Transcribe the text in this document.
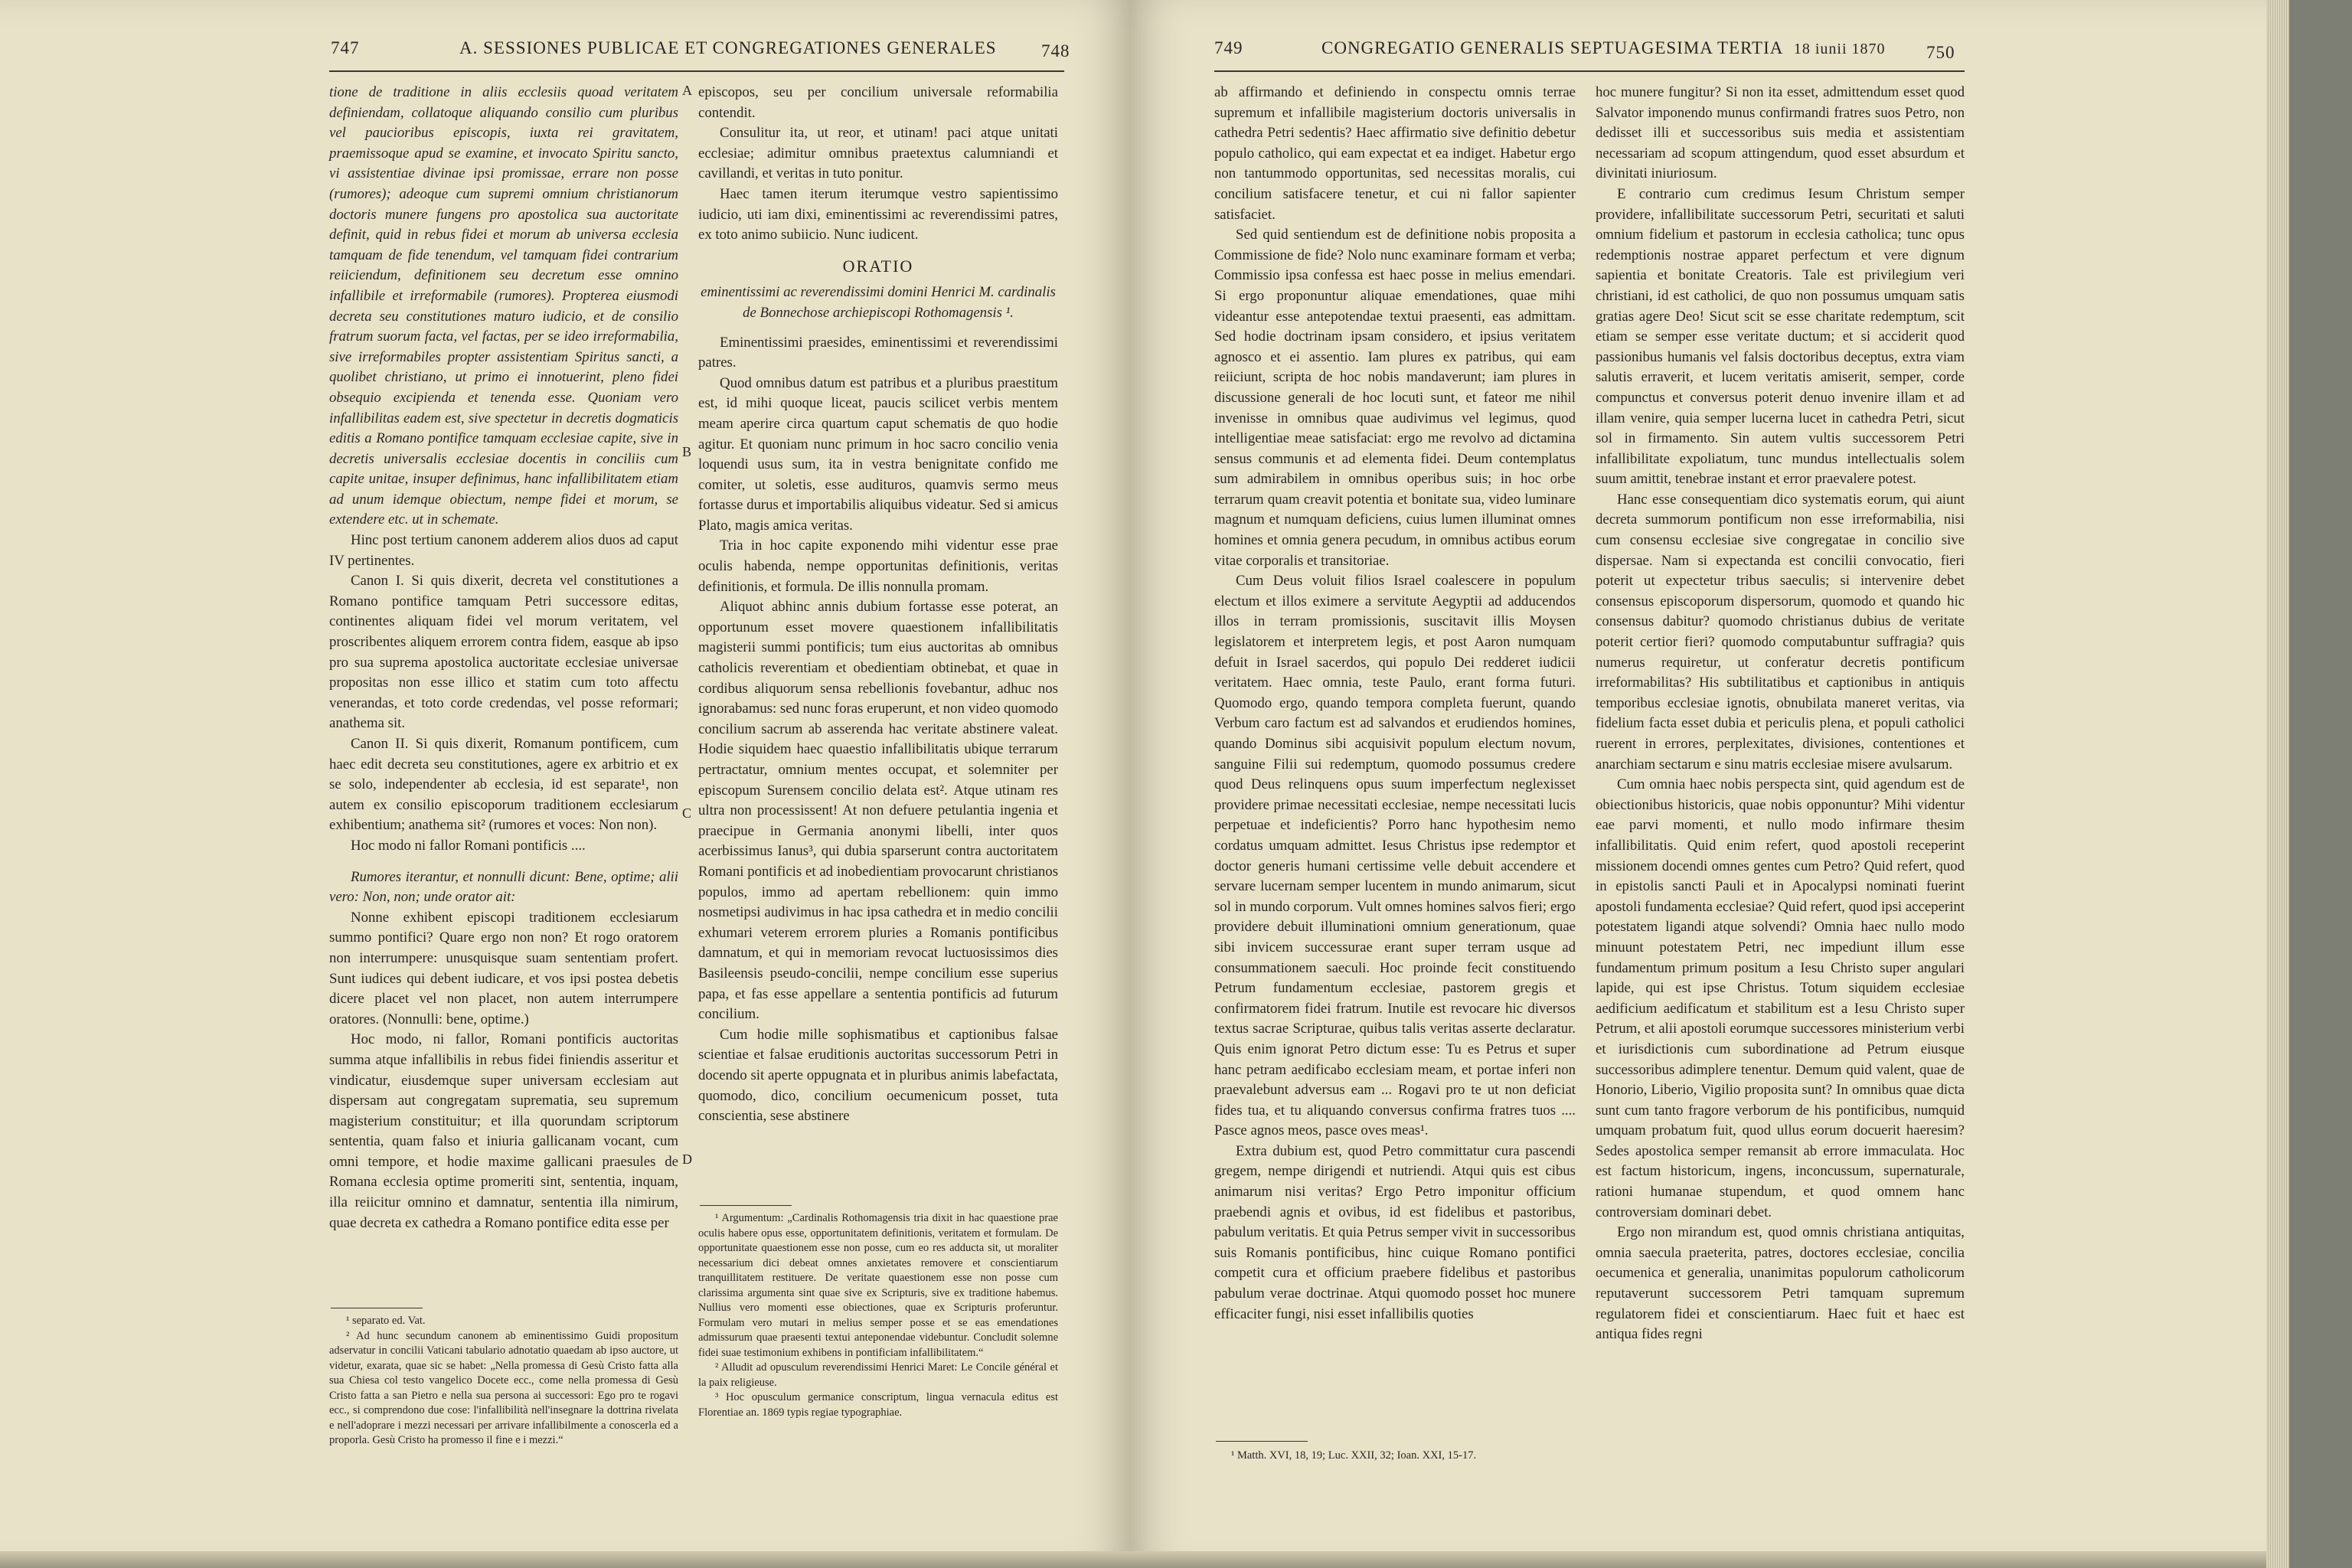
747	A. SESSIONES PUBLICAE ET CONGREGATIONES GENERALES	748

tione de traditione in aliis ecclesiis quoad veritatem definiendam, collatoque aliquando consilio cum pluribus vel paucioribus episcopis, iuxta rei gravitatem, praemissoque apud se examine, et invocato Spiritu sancto, vi assistentiae divinae ipsi promissae, errare non posse (rumores); adeoque cum supremi omnium christianorum doctoris munere fungens pro apostolica sua auctoritate definit, quid in rebus fidei et morum ab universa ecclesia tamquam de fide tenendum, vel tamquam fidei contrarium reiiciendum, definitionem seu decretum esse omnino infallibile et irreformabile (rumores). Propterea eiusmodi decreta seu constitutiones maturo iudicio, et de consilio fratrum suorum facta, vel factas, per se ideo irreformabilia, sive irreformabiles propter assistentiam Spiritus sancti, a quolibet christiano, ut primo ei innotuerint, pleno fidei obsequio excipienda et tenenda esse. Quoniam vero infallibilitas eadem est, sive spectetur in decretis dogmaticis editis a Romano pontifice tamquam ecclesiae capite, sive in decretis universalis ecclesiae docentis in conciliis cum capite unitae, insuper definimus, hanc infallibilitatem etiam ad unum idemque obiectum, nempe fidei et morum, se extendere etc. ut in schemate.

Hinc post tertium canonem adderem alios duos ad caput IV pertinentes.

Canon I. Si quis dixerit, decreta vel constitutiones a Romano pontifice tamquam Petri successore editas, continentes aliquam fidei vel morum veritatem, vel proscribentes aliquem errorem contra fidem, easque ab ipso pro sua suprema apostolica auctoritate ecclesiae universae propositas non esse illico et statim cum toto affectu venerandas, et toto corde credendas, vel posse reformari; anathema sit.

Canon II. Si quis dixerit, Romanum pontificem, cum haec edit decreta seu constitutiones, agere ex arbitrio et ex se solo, independenter ab ecclesia, id est separate¹, non autem ex consilio episcoporum traditionem ecclesiarum exhibentium; anathema sit² (rumores et voces: Non non).

Hoc modo ni fallor Romani pontificis ....

Rumores iterantur, et nonnulli dicunt: Bene, optime; alii vero: Non, non; unde orator ait:

Nonne exhibent episcopi traditionem ecclesiarum summo pontifici? Quare ergo non non? Et rogo oratorem non interrumpere: unusquisque suam sententiam profert. Sunt iudices qui debent iudicare, et vos ipsi postea debetis dicere placet vel non placet, non autem interrumpere oratores. (Nonnulli: bene, optime.)

Hoc modo, ni fallor, Romani pontificis auctoritas summa atque infallibilis in rebus fidei finiendis asseritur et vindicatur, eiusdemque super universam ecclesiam aut dispersam aut congregatam suprematia, seu supremum magisterium constituitur; et illa quorundam scriptorum sententia, quam falso et iniuria gallicanam vocant, cum omni tempore, et hodie maxime gallicani praesules de Romana ecclesia optime promeriti sint, sententia, inquam, illa reiicitur omnino et damnatur, sententia illa nimirum, quae decreta ex cathedra a Romano pontifice edita esse per

¹ separato ed. Vat.

² Ad hunc secundum canonem ab eminentissimo Guidi propositum adservatur in concilii Vaticani tabulario adnotatio quaedam ab ipso auctore, ut videtur, exarata, quae sic se habet: „Nella promessa di Gesù Cristo fatta alla sua Chiesa col testo vangelico Docete ecc., come nella promessa di Gesù Cristo fatta a san Pietro e nella sua persona ai successori: Ego pro te rogavi ecc., si comprendono due cose: l'infallibilità nell'insegnare la dottrina rivelata e nell'adoprare i mezzi necessari per arrivare infallibilmente a conoscerla ed a proporla. Gesù Cristo ha promesso il fine e i mezzi.“

A
B
C
D

episcopos, seu per concilium universale reformabilia contendit.

Consulitur ita, ut reor, et utinam! paci atque unitati ecclesiae; adimitur omnibus praetextus calumniandi et cavillandi, et veritas in tuto ponitur.

Haec tamen iterum iterumque vestro sapientissimo iudicio, uti iam dixi, eminentissimi ac reverendissimi patres, ex toto animo subiicio. Nunc iudicent.

ORATIO

eminentissimi ac reverendissimi domini Henrici M. cardinalis de Bonnechose archiepiscopi Rothomagensis ¹.

Eminentissimi praesides, eminentissimi et reverendissimi patres.

Quod omnibus datum est patribus et a pluribus praestitum est, id mihi quoque liceat, paucis scilicet verbis mentem meam aperire circa quartum caput schematis de quo hodie agitur. Et quoniam nunc primum in hoc sacro concilio venia loquendi usus sum, ita in vestra benignitate confido me comiter, ut soletis, esse audituros, quamvis sermo meus fortasse durus et importabilis aliquibus videatur. Sed si amicus Plato, magis amica veritas.

Tria in hoc capite exponendo mihi videntur esse prae oculis habenda, nempe opportunitas definitionis, veritas definitionis, et formula. De illis nonnulla promam.

Aliquot abhinc annis dubium fortasse esse poterat, an opportunum esset movere quaestionem infallibilitatis magisterii summi pontificis; tum eius auctoritas ab omnibus catholicis reverentiam et obedientiam obtinebat, et quae in cordibus aliquorum sensa rebellionis fovebantur, adhuc nos ignorabamus: sed nunc foras eruperunt, et non video quomodo concilium sacrum ab asserenda hac veritate abstinere valeat. Hodie siquidem haec quaestio infallibilitatis ubique terrarum pertractatur, omnium mentes occupat, et solemniter per episcopum Surensem concilio delata est². Atque utinam res ultra non processissent! At non defuere petulantia ingenia et praecipue in Germania anonymi libelli, inter quos acerbissimus Ianus³, qui dubia sparserunt contra auctoritatem Romani pontificis et ad inobedientiam provocarunt christianos populos, immo ad apertam rebellionem: quin immo nosmetipsi audivimus in hac ipsa cathedra et in medio concilii exhumari veterem errorem pluries a Romanis pontificibus damnatum, et qui in memoriam revocat luctuosissimos dies Basileensis pseudo-concilii, nempe concilium esse superius papa, et fas esse appellare a sententia pontificis ad futurum concilium.

Cum hodie mille sophismatibus et captionibus falsae scientiae et falsae eruditionis auctoritas successorum Petri in docendo sit aperte oppugnata et in pluribus animis labefactata, quomodo, dico, concilium oecumenicum posset, tuta conscientia, sese abstinere

¹ Argumentum: „Cardinalis Rothomagensis tria dixit in hac quaestione prae oculis habere opus esse, opportunitatem definitionis, veritatem et formulam. De opportunitate quaestionem esse non posse, cum eo res adducta sit, ut moraliter necessarium dici debeat omnes anxietates removere et conscientiarum tranquillitatem restituere. De veritate quaestionem esse non posse cum clarissima argumenta sint quae sive ex Scripturis, sive ex traditione habemus. Nullius vero momenti esse obiectiones, quae ex Scripturis proferuntur. Formulam vero mutari in melius semper posse et se eas emendationes admissurum quae praesenti textui anteponendae videbuntur. Concludit solemne fidei suae testimonium exhibens in pontificiam infallibilitatem.“

² Alludit ad opusculum reverendissimi Henrici Maret: Le Concile général et la paix religieuse.

³ Hoc opusculum germanice conscriptum, lingua vernacula editus est Florentiae an. 1869 typis regiae typographiae.

749	CONGREGATIO GENERALIS SEPTUAGESIMA TERTIA 18 iunii 1870 750

ab affirmando et definiendo in conspectu omnis terrae supremum et infallibile magisterium doctoris universalis in cathedra Petri sedentis? Haec affirmatio sive definitio debetur populo catholico, qui eam expectat et ea indiget. Habetur ergo non tantummodo opportunitas, sed necessitas moralis, cui concilium satisfacere tenetur, et cui ni fallor sapienter satisfaciet.

Sed quid sentiendum est de definitione nobis proposita a Commissione de fide? Nolo nunc examinare formam et verba; Commissio ipsa confessa est haec posse in melius emendari. Si ergo proponuntur aliquae emendationes, quae mihi videantur esse antepotendae textui praesenti, eas admittam. Sed hodie doctrinam ipsam considero, et ipsius veritatem agnosco et ei assentio. Iam plures ex patribus, qui eam reiiciunt, scripta de hoc nobis mandaverunt; iam plures in discussione generali de hoc locuti sunt, et fateor me nihil invenisse in omnibus quae audivimus vel legimus, quod intelligentiae meae satisfaciat: ergo me revolvo ad dictamina sensus communis et ad elementa fidei. Deum contemplatus sum admirabilem in omnibus operibus suis; in hoc orbe terrarum quam creavit potentia et bonitate sua, video luminare magnum et numquam deficiens, cuius lumen illuminat omnes homines et omnia genera pecudum, in omnibus actibus eorum vitae corporalis et transitoriae.

Cum Deus voluit filios Israel coalescere in populum electum et illos eximere a servitute Aegyptii ad adducendos illos in terram promissionis, suscitavit illis Moysen legislatorem et interpretem legis, et post Aaron numquam defuit in Israel sacerdos, qui populo Dei redderet iudicii veritatem. Haec omnia, teste Paulo, erant forma futuri. Quomodo ergo, quando tempora completa fuerunt, quando Verbum caro factum est ad salvandos et erudiendos homines, quando Dominus sibi acquisivit populum electum novum, sanguine Filii sui redemptum, quomodo possumus credere quod Deus relinquens opus suum imperfectum neglexisset providere primae necessitati ecclesiae, nempe necessitati lucis perpetuae et indeficientis? Porro hanc hypothesim nemo cordatus umquam admittet. Iesus Christus ipse redemptor et doctor generis humani certissime velle debuit accendere et servare lucernam semper lucentem in mundo animarum, sicut sol in mundo corporum. Vult omnes homines salvos fieri; ergo providere debuit illuminationi omnium generationum, quae sibi invicem successurae erant super terram usque ad consummationem saeculi. Hoc proinde fecit constituendo Petrum fundamentum ecclesiae, pastorem gregis et confirmatorem fidei fratrum. Inutile est revocare hic diversos textus sacrae Scripturae, quibus talis veritas asserte declaratur. Quis enim ignorat Petro dictum esse: Tu es Petrus et super hanc petram aedificabo ecclesiam meam, et portae inferi non praevalebunt adversus eam ... Rogavi pro te ut non deficiat fides tua, et tu aliquando conversus confirma fratres tuos .... Pasce agnos meos, pasce oves meas¹.

Extra dubium est, quod Petro committatur cura pascendi gregem, nempe dirigendi et nutriendi. Atqui quis est cibus animarum nisi veritas? Ergo Petro imponitur officium praebendi agnis et ovibus, id est fidelibus et pastoribus, pabulum veritatis. Et quia Petrus semper vivit in successoribus suis Romanis pontificibus, hinc cuique Romano pontifici competit cura et officium praebere fidelibus et pastoribus pabulum verae doctrinae. Atqui quomodo posset hoc munere efficaciter fungi, nisi esset infallibilis quoties

¹ Matth. XVI, 18, 19; Luc. XXII, 32; Ioan. XXI, 15-17.

hoc munere fungitur? Si non ita esset, admittendum esset quod Salvator imponendo munus confirmandi fratres suos Petro, non dedisset illi et successoribus suis media et assistentiam necessariam ad scopum attingendum, quod esset absurdum et divinitati iniuriosum.

E contrario cum credimus Iesum Christum semper providere, infallibilitate successorum Petri, securitati et saluti omnium fidelium et pastorum in ecclesia catholica; tunc opus redemptionis nostrae apparet perfectum et vere dignum sapientia et bonitate Creatoris. Tale est privilegium veri christiani, id est catholici, de quo non possumus umquam satis gratias agere Deo! Sicut scit se esse charitate redemptum, scit etiam se semper esse veritate ductum; et si acciderit quod passionibus humanis vel falsis doctoribus deceptus, extra viam salutis erraverit, et lucem veritatis amiserit, semper, corde compunctus et conversus poterit denuo invenire illam et ad illam venire, quia semper lucerna lucet in cathedra Petri, sicut sol in firmamento. Sin autem vultis successorem Petri infallibilitate expoliatum, tunc mundus intellectualis solem suum amittit, tenebrae instant et error praevalere potest.

Hanc esse consequentiam dico systematis eorum, qui aiunt decreta summorum pontificum non esse irreformabilia, nisi cum consensu ecclesiae sive congregatae in concilio sive dispersae. Nam si expectanda est concilii convocatio, fieri poterit ut expectetur tribus saeculis; si intervenire debet consensus episcoporum dispersorum, quomodo et quando hic consensus dabitur? quomodo christianus dubius de veritate poterit certior fieri? quomodo computabuntur suffragia? quis numerus requiretur, ut conferatur decretis pontificum irreformabilitas? His subtilitatibus et captionibus in antiquis temporibus ecclesiae ignotis, obnubilata maneret veritas, via fidelium facta esset dubia et periculis plena, et populi catholici ruerent in errores, perplexitates, divisiones, contentiones et anarchiam sectarum e sinu matris ecclesiae misere avulsarum.

Cum omnia haec nobis perspecta sint, quid agendum est de obiectionibus historicis, quae nobis opponuntur? Mihi videntur eae parvi momenti, et nullo modo infirmare thesim infallibilitatis. Quid enim refert, quod apostoli receperint missionem docendi omnes gentes cum Petro? Quid refert, quod in epistolis sancti Pauli et in Apocalypsi nominati fuerint apostoli fundamenta ecclesiae? Quid refert, quod ipsi acceperint potestatem ligandi atque solvendi? Omnia haec nullo modo minuunt potestatem Petri, nec impediunt illum esse fundamentum primum positum a Iesu Christo super angulari lapide, qui est ipse Christus. Totum siquidem ecclesiae aedificium aedificatum et stabilitum est a Iesu Christo super Petrum, et alii apostoli eorumque successores ministerium verbi et iurisdictionis cum subordinatione ad Petrum eiusque successoribus adimplere tenentur. Demum quid valent, quae de Honorio, Liberio, Vigilio proposita sunt? In omnibus quae dicta sunt cum tanto fragore verborum de his pontificibus, numquid umquam probatum fuit, quod ullus eorum docuerit haeresim? Sedes apostolica semper remansit ab errore immaculata. Hoc est factum historicum, ingens, inconcussum, supernaturale, rationi humanae stupendum, et quod omnem hanc controversiam dominari debet.

Ergo non mirandum est, quod omnis christiana antiquitas, omnia saecula praeterita, patres, doctores ecclesiae, concilia oecumenica et generalia, unanimitas populorum catholicorum reputaverunt successorem Petri tamquam supremum regulatorem fidei et conscientiarum. Haec fuit et haec est antiqua fides regni
